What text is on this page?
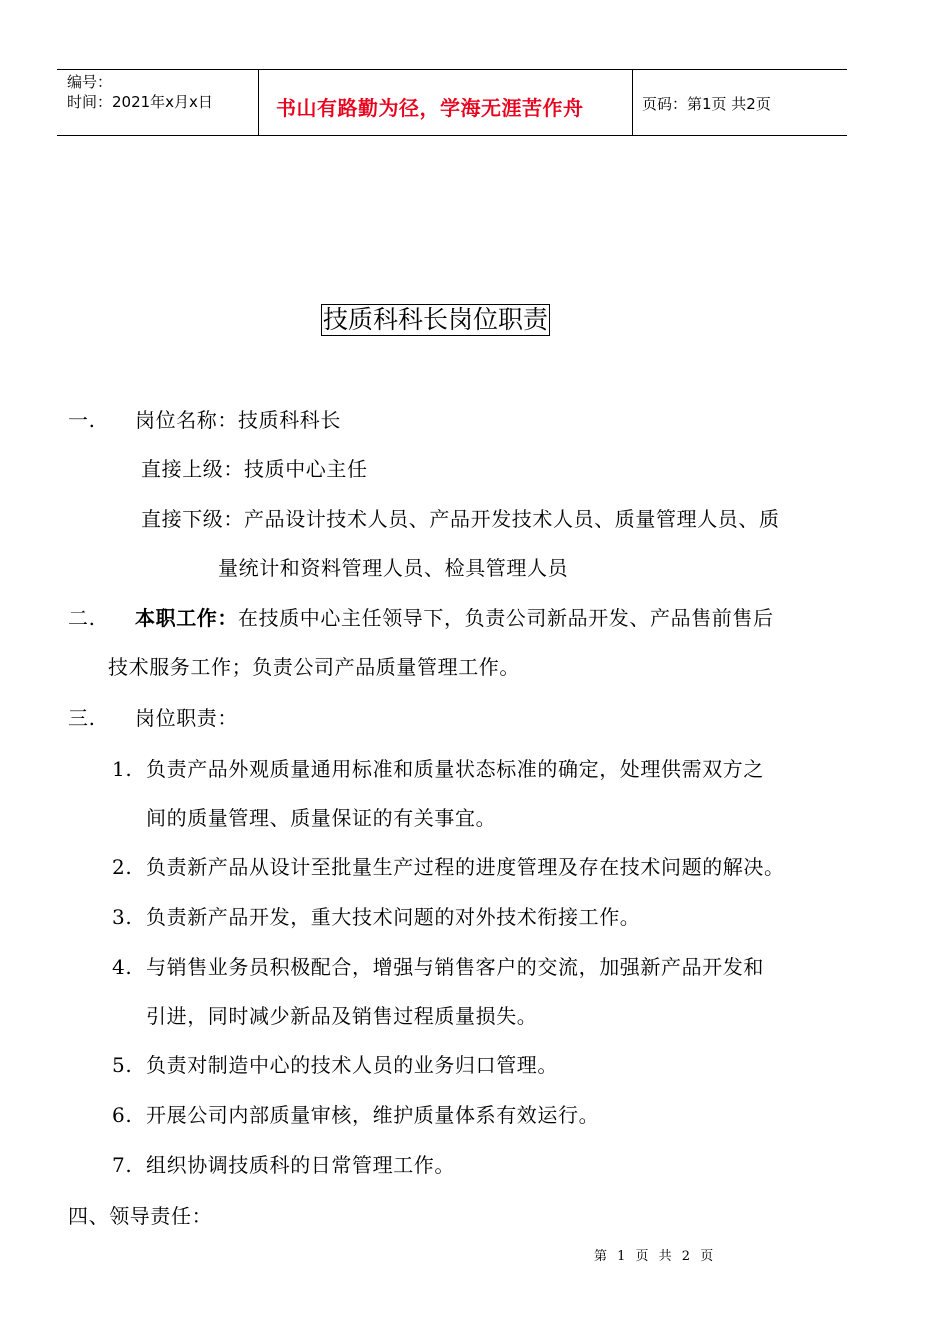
编号：
时间：2021年x月x日	书山有路勤为径，学海无涯苦作舟	页码：第1页 共2页
技质科科长岗位职责
一. 岗位名称：技质科科长
直接上级：技质中心主任
直接下级：产品设计技术人员、产品开发技术人员、质量管理人员、质
量统计和资料管理人员、检具管理人员
二. 本职工作：在技质中心主任领导下，负责公司新品开发、产品售前售后
技术服务工作；负责公司产品质量管理工作。
三. 岗位职责：
1. 负责产品外观质量通用标准和质量状态标准的确定，处理供需双方之
间的质量管理、质量保证的有关事宜。
2. 负责新产品从设计至批量生产过程的进度管理及存在技术问题的解决。
3. 负责新产品开发，重大技术问题的对外技术衔接工作。
4. 与销售业务员积极配合，增强与销售客户的交流，加强新产品开发和
引进，同时减少新品及销售过程质量损失。
5. 负责对制造中心的技术人员的业务归口管理。
6. 开展公司内部质量审核，维护质量体系有效运行。
7. 组织协调技质科的日常管理工作。
四、领导责任：
第 1 页 共 2 页
